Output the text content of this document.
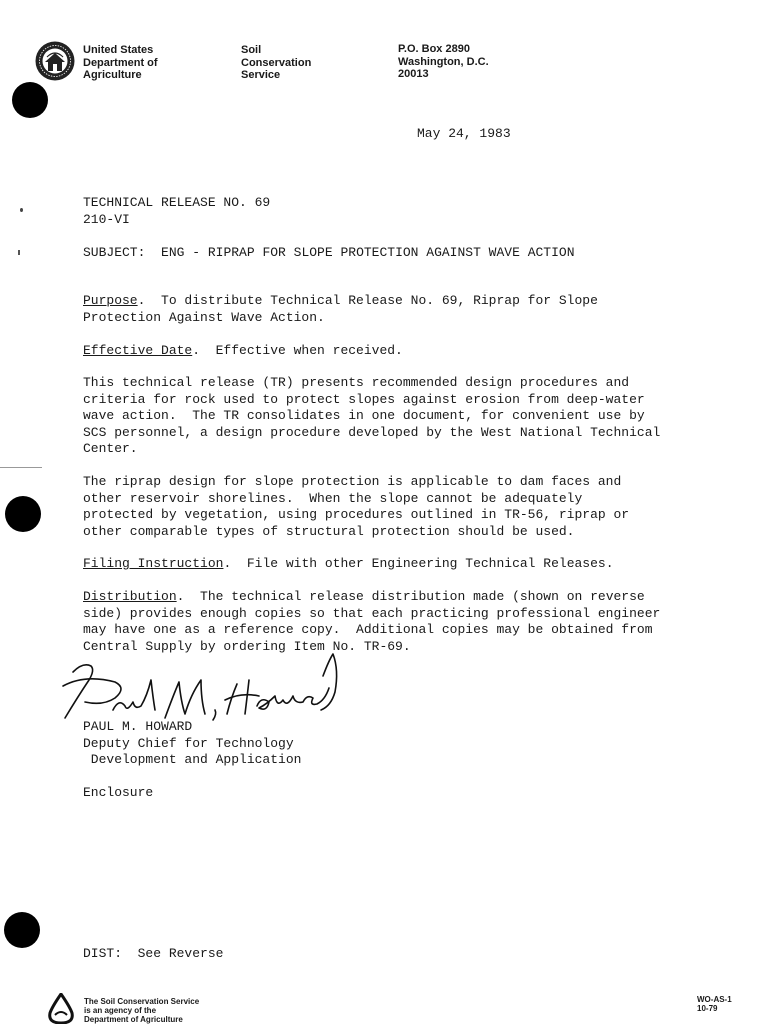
United States
Department of
Agriculture
Soil
Conservation
Service
P.O. Box 2890
Washington, D.C.
20013
May 24, 1983
TECHNICAL RELEASE NO. 69
210-VI
SUBJECT: ENG - RIPRAP FOR SLOPE PROTECTION AGAINST WAVE ACTION
Purpose.  To distribute Technical Release No. 69, Riprap for Slope
Protection Against Wave Action.
Effective Date.  Effective when received.
This technical release (TR) presents recommended design procedures and
criteria for rock used to protect slopes against erosion from deep-water
wave action.  The TR consolidates in one document, for convenient use by
SCS personnel, a design procedure developed by the West National Technical
Center.
The riprap design for slope protection is applicable to dam faces and
other reservoir shorelines.  When the slope cannot be adequately
protected by vegetation, using procedures outlined in TR-56, riprap or
other comparable types of structural protection should be used.
Filing Instruction.  File with other Engineering Technical Releases.
Distribution.  The technical release distribution made (shown on reverse
side) provides enough copies so that each practicing professional engineer
may have one as a reference copy.  Additional copies may be obtained from
Central Supply by ordering Item No. TR-69.
PAUL M. HOWARD
Deputy Chief for Technology
Development and Application
Enclosure
DIST: See Reverse
The Soil Conservation Service
is an agency of the
Department of Agriculture
WO-AS-1
10-79
